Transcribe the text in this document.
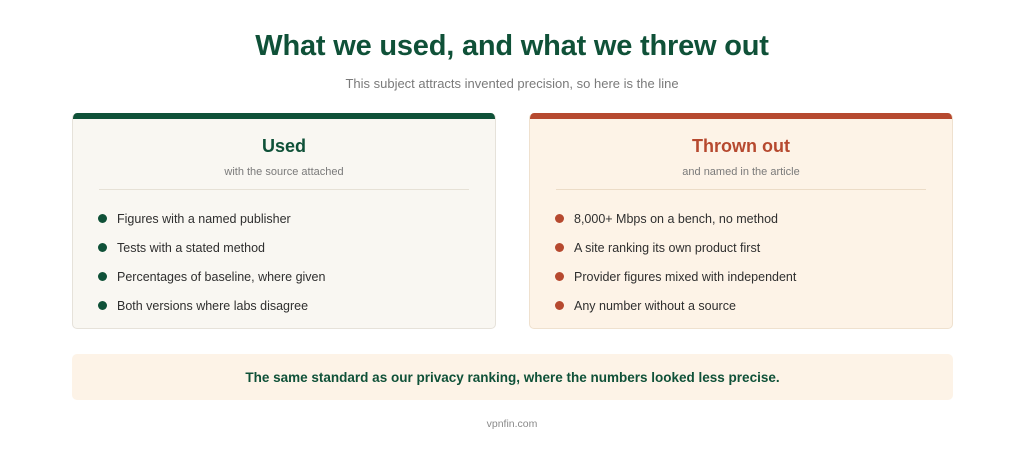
What we used, and what we threw out
This subject attracts invented precision, so here is the line
Used
with the source attached
Figures with a named publisher
Tests with a stated method
Percentages of baseline, where given
Both versions where labs disagree
Thrown out
and named in the article
8,000+ Mbps on a bench, no method
A site ranking its own product first
Provider figures mixed with independent
Any number without a source
The same standard as our privacy ranking, where the numbers looked less precise.
vpnfin.com
